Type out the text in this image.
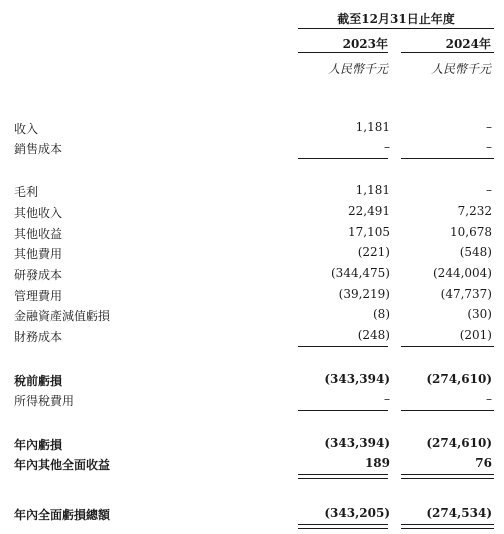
截至12月31日止年度
2023年	2024年
人民幣千元	人民幣千元
收入	1,181	–
銷售成本	–	–
毛利	1,181	–
其他收入	22,491	7,232
其他收益	17,105	10,678
其他費用	(221)	(548)
研發成本	(344,475)	(244,004)
管理費用	(39,219)	(47,737)
金融資產減值虧損	(8)	(30)
財務成本	(248)	(201)
稅前虧損	(343,394)	(274,610)
所得稅費用	–	–
年內虧損	(343,394)	(274,610)
年內其他全面收益	189	76
年內全面虧損總額	(343,205)	(274,534)
